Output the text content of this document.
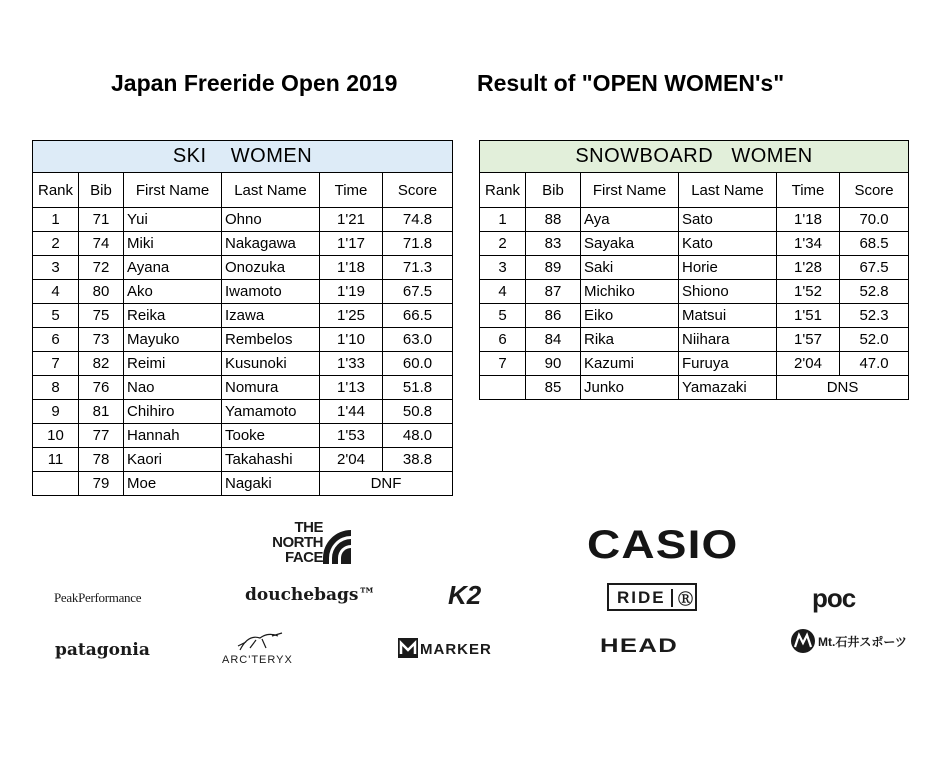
Japan Freeride Open 2019	Result of "OPEN WOMEN's"
SKI    WOMEN					
Rank	Bib	First Name	Last Name	Time	Score
1	71	Yui	Ohno	1'21	74.8
2	74	Miki	Nakagawa	1'17	71.8
3	72	Ayana	Onozuka	1'18	71.3
4	80	Ako	Iwamoto	1'19	67.5
5	75	Reika	Izawa	1'25	66.5
6	73	Mayuko	Rembelos	1'10	63.0
7	82	Reimi	Kusunoki	1'33	60.0
8	76	Nao	Nomura	1'13	51.8
9	81	Chihiro	Yamamoto	1'44	50.8
10	77	Hannah	Tooke	1'53	48.0
11	78	Kaori	Takahashi	2'04	38.8
	79	Moe	Nagaki	DNF	
SNOWBOARD   WOMEN					
Rank	Bib	First Name	Last Name	Time	Score
1	88	Aya	Sato	1'18	70.0
2	83	Sayaka	Kato	1'34	68.5
3	89	Saki	Horie	1'28	67.5
4	87	Michiko	Shiono	1'52	52.8
5	86	Eiko	Matsui	1'51	52.3
6	84	Rika	Niihara	1'57	52.0
7	90	Kazumi	Furuya	2'04	47.0
	85	Junko	Yamazaki	DNS	
THE
NORTH
FACE	CASIO
PeakPerformance	douchebags™	K2	RIDE Ⓡ	poc
patagonia	ARC'TERYX
MARKER	HEAD	Mt.石井スポーツ
